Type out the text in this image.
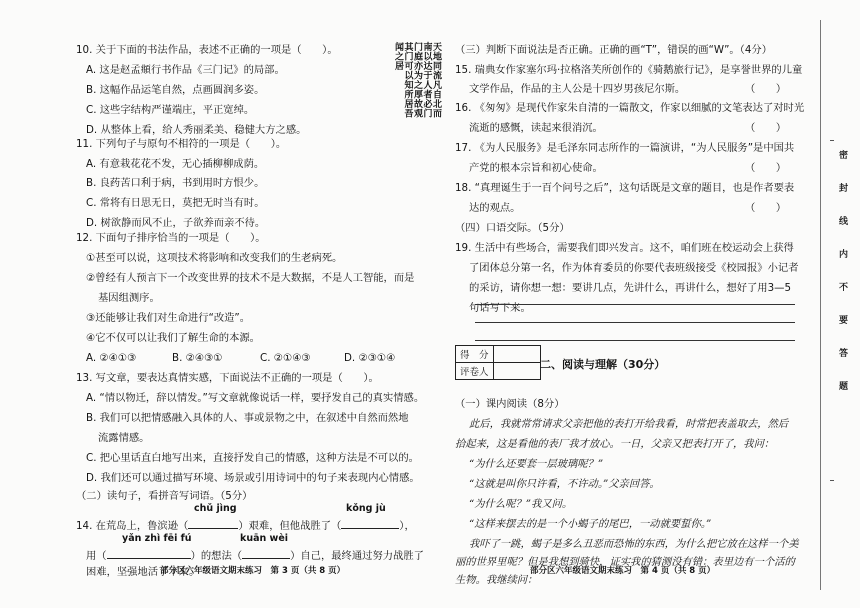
10. 关于下面的书法作品，表述不正确的一项是（　　）。
A. 这是赵孟頫行书作品《三门记》的局部。
B. 这幅作品运笔自然，点画圆润多姿。
C. 这些字结构严谨端庄，平正宽绰。
D. 从整体上看，给人秀丽柔美、稳健大方之感。
11. 下列句子与原句不相符的一项是（　　）。
A. 有意栽花花不发，无心插柳柳成荫。
B. 良药苦口利于病，书到用时方恨少。
C. 常将有日思无日，莫把无时当有时。
D. 树欲静而风不止，子欲养而亲不待。
12. 下面句子排序恰当的一项是（　　）。
①甚至可以说，这项技术将影响和改变我们的生老病死。
②曾经有人预言下一个改变世界的技术不是大数据，不是人工智能，而是
基因组测序。
③还能够让我们对生命进行“改造”。
④它不仅可以让我们了解生命的本源。
A. ②④①③	B. ②④③①	C. ②①④③	D. ②③①④
13. 写文章，要表达真情实感，下面说法不正确的一项是（　　）。
A. “情以物迁，辞以情发。”写文章就像说话一样，要抒发自己的真实情感。
B. 我们可以把情感融入具体的人、事或景物之中，在叙述中自然而然地
流露情感。
C. 把心里话直白地写出来，直接抒发自己的情感，这种方法是不可以的。
D. 我们还可以通过描写环境、场景或引用诗词中的句子来表现内心情感。
（二）读句子，看拼音写词语。（5分）
chǔ jìng	kǒng jù
14. 在荒岛上，鲁滨逊（	）艰难，但他战胜了（	），
yǎn zhì fēi fú	kuān wèi
用（	）的想法（	）自己，最终通过努力战胜了
困难，坚强地活了下来。
天地同流凡自北而南以达于人者必门门庭亦为之厚故观其门可以知所居吾闻之居
部分区六年级语文期末练习　第 3 页（共 8 页）
（三）判断下面说法是否正确。正确的画“T”，错误的画“W”。（4分）
15. 瑞典女作家塞尔玛·拉格洛芙所创作的《骑鹅旅行记》，是享誉世界的儿童
文学作品，作品的主人公是十四岁男孩尼尔斯。	（　　）
16. 《匆匆》是现代作家朱自清的一篇散文，作家以细腻的文笔表达了对时光
流逝的感慨，读起来很消沉。	（　　）
17. 《为人民服务》是毛泽东同志所作的一篇演讲，“为人民服务”是中国共
产党的根本宗旨和初心使命。	（　　）
18. “真理诞生于一百个问号之后”，这句话既是文章的题目，也是作者要表
达的观点。	（　　）
（四）口语交际。（5分）
19. 生活中有些场合，需要我们即兴发言。这不，咱们班在校运动会上获得
了团体总分第一名，作为体育委员的你要代表班级接受《校园报》小记者
的采访，请你想一想：要讲几点，先讲什么，再讲什么，想好了用3—5
句话写下来。
（一）课内阅读（8分）
此后，我就常常请求父亲把他的表打开给我看，时常把表盖取去，然后
拾起来，这是看他的表厂我才放心。一日，父亲又把表打开了，我问：
“为什么还要套一层玻璃呢？”
“这就是叫你只许看，不许动。”父亲回答。
“为什么呢？”我又问。
“这样来摆去的是一个小蝎子的尾巴，一动就要蜇你。”
我吓了一跳，蝎子是多么丑恶而恐怖的东西，为什么把它放在这样一个美
丽的世界里呢？但是我想到骑快，证实我的猜测没有错：表里边有一个活的
生物。我继续问：
得　分	
评卷人	
二、阅读与理解（30分）
部分区六年级语文期末练习　第 4 页（共 8 页）
密封线内不要答题
